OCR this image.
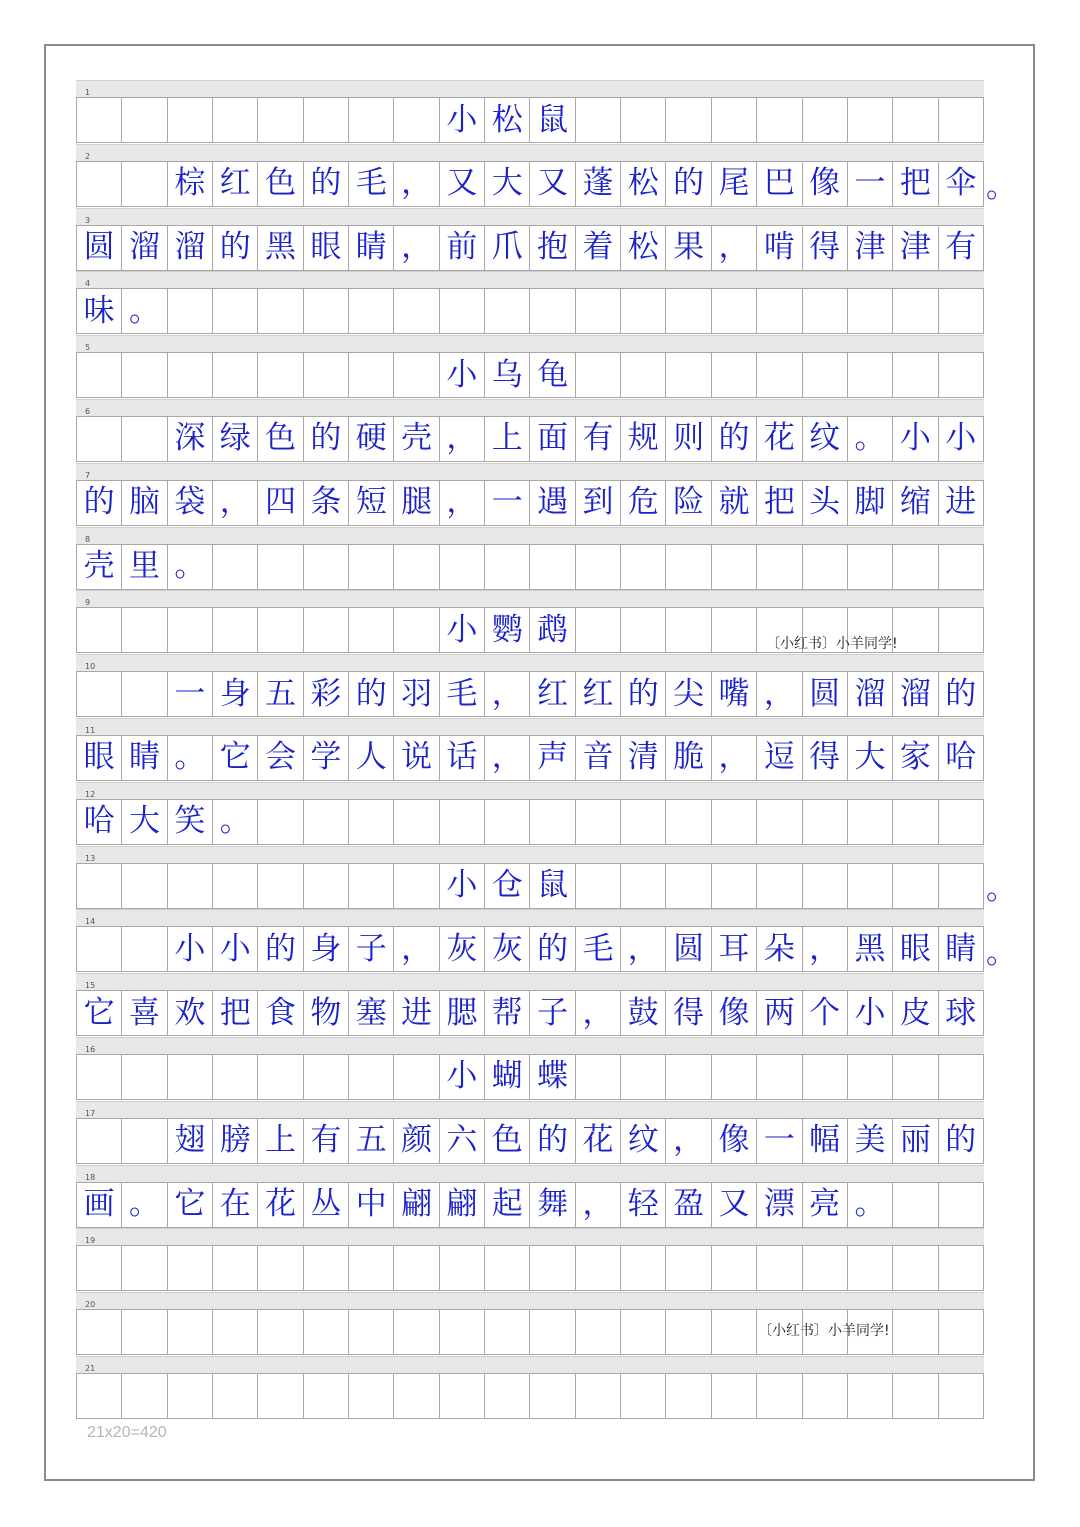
1
小 松 鼠
2
棕 红 色 的 毛 ， 又 大 又 蓬 松 的 尾 巴 像 一 把 伞 。
3
圆 溜 溜 的 黑 眼 睛 ， 前 爪 抱 着 松 果 ， 啃 得 津 津 有
4
味 。
5
小 乌 龟
6
深 绿 色 的 硬 壳 ， 上 面 有 规 则 的 花 纹 。 小 小
7
的 脑 袋 ， 四 条 短 腿 ， 一 遇 到 危 险 就 把 头 脚 缩 进
8
壳 里 。
9
小 鹦 鹉	〔小红书〕小羊同学!
10
一 身 五 彩 的 羽 毛 ， 红 红 的 尖 嘴 ， 圆 溜 溜 的
11
眼 睛 。 它 会 学 人 说 话 ， 声 音 清 脆 ， 逗 得 大 家 哈
12
哈 大 笑 。
13
小 仓 鼠	。
14
小 小 的 身 子 ， 灰 灰 的 毛 ， 圆 耳 朵 ， 黑 眼 睛 。
15
它 喜 欢 把 食 物 塞 进 腮 帮 子 ， 鼓 得 像 两 个 小 皮 球
16
小 蝴 蝶
17
翅 膀 上 有 五 颜 六 色 的 花 纹 ， 像 一 幅 美 丽 的
18
画 。 它 在 花 丛 中 翩 翩 起 舞 ， 轻 盈 又 漂 亮 。
19
20
〔小红书〕小羊同学!
21
21x20=420
